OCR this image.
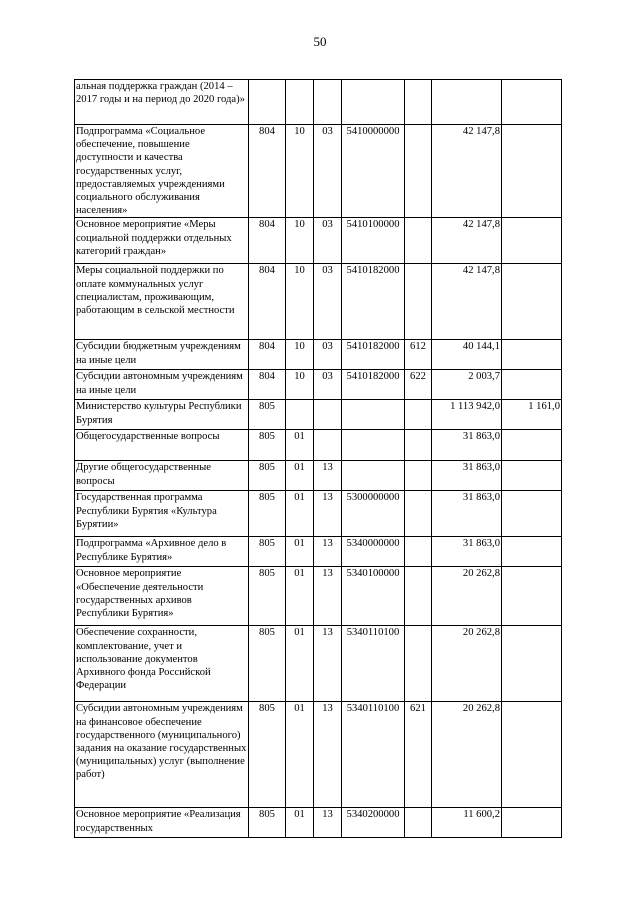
50
альная поддержка граждан (2014 – 2017 годы и на период до 2020 года)»							
Подпрограмма «Социальное обеспечение, повышение доступности и качества государственных услуг, предоставляемых учреждениями социального обслуживания населения»	804	10	03	5410000000		42 147,8	
Основное мероприятие «Меры социальной поддержки отдельных категорий граждан»	804	10	03	5410100000		42 147,8	
Меры социальной поддержки по оплате коммунальных услуг специалистам, проживающим, работающим в сельской местности	804	10	03	5410182000		42 147,8	
Субсидии бюджетным учреждениям на иные цели	804	10	03	5410182000	612	40 144,1	
Субсидии автономным учреждениям на иные цели	804	10	03	5410182000	622	2 003,7	
Министерство культуры Республики Бурятия	805					1 113 942,0	1 161,0
Общегосударственные вопросы	805	01				31 863,0	
Другие общегосударственные вопросы	805	01	13			31 863,0	
Государственная программа Республики Бурятия «Культура Бурятии»	805	01	13	5300000000		31 863,0	
Подпрограмма «Архивное дело в Республике Бурятия»	805	01	13	5340000000		31 863,0	
Основное мероприятие «Обеспечение деятельности государственных архивов Республики Бурятия»	805	01	13	5340100000		20 262,8	
Обеспечение сохранности, комплектование, учет и использование документов Архивного фонда Российской Федерации	805	01	13	5340110100		20 262,8	
Субсидии автономным учреждениям на финансовое обеспечение государственного (муниципального) задания на оказание государственных (муниципальных) услуг (выполнение работ)	805	01	13	5340110100	621	20 262,8	
Основное мероприятие «Реализация государственных	805	01	13	5340200000		11 600,2	
